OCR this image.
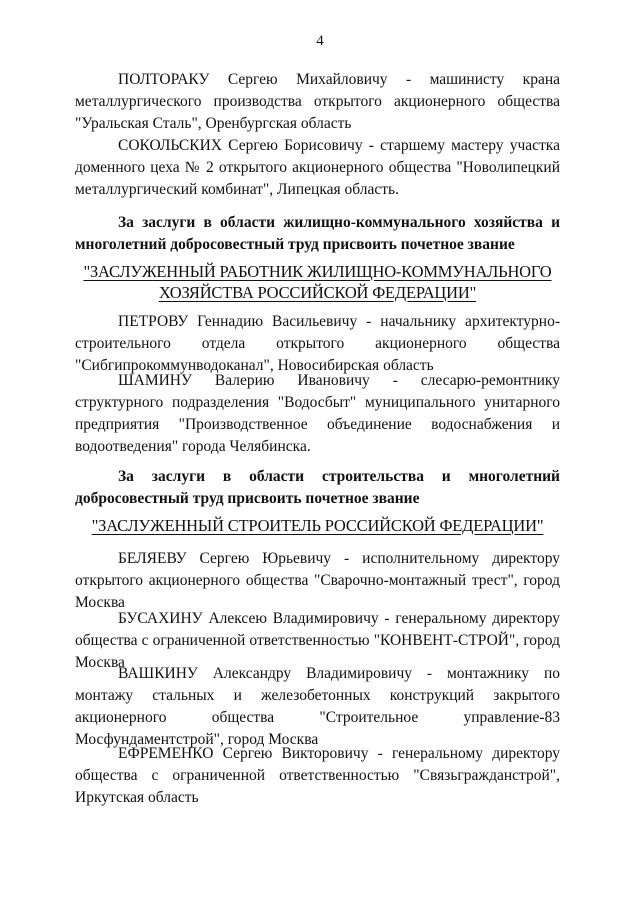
4
ПОЛТОРАКУ Сергею Михайловичу - машинисту крана металлургического производства открытого акционерного общества "Уральская Сталь", Оренбургская область
СОКОЛЬСКИХ Сергею Борисовичу - старшему мастеру участка доменного цеха № 2 открытого акционерного общества "Новолипецкий металлургический комбинат", Липецкая область.
За заслуги в области жилищно-коммунального хозяйства и многолетний добросовестный труд присвоить почетное звание
"ЗАСЛУЖЕННЫЙ РАБОТНИК ЖИЛИЩНО-КОММУНАЛЬНОГО ХОЗЯЙСТВА РОССИЙСКОЙ ФЕДЕРАЦИИ"
ПЕТРОВУ Геннадию Васильевичу - начальнику архитектурно-строительного отдела открытого акционерного общества "Сибгипрокоммунводоканал", Новосибирская область
ШАМИНУ Валерию Ивановичу - слесарю-ремонтнику структурного подразделения "Водосбыт" муниципального унитарного предприятия "Производственное объединение водоснабжения и водоотведения" города Челябинска.
За заслуги в области строительства и многолетний добросовестный труд присвоить почетное звание
"ЗАСЛУЖЕННЫЙ СТРОИТЕЛЬ РОССИЙСКОЙ ФЕДЕРАЦИИ"
БЕЛЯЕВУ Сергею Юрьевичу - исполнительному директору открытого акционерного общества "Сварочно-монтажный трест", город Москва
БУСАХИНУ Алексею Владимировичу - генеральному директору общества с ограниченной ответственностью "КОНВЕНТ-СТРОЙ", город Москва
ВАШКИНУ Александру Владимировичу - монтажнику по монтажу стальных и железобетонных конструкций закрытого акционерного общества "Строительное управление-83 Мосфундаментстрой", город Москва
ЕФРЕМЕНКО Сергею Викторовичу - генеральному директору общества с ограниченной ответственностью "Связьгражданстрой", Иркутская область
